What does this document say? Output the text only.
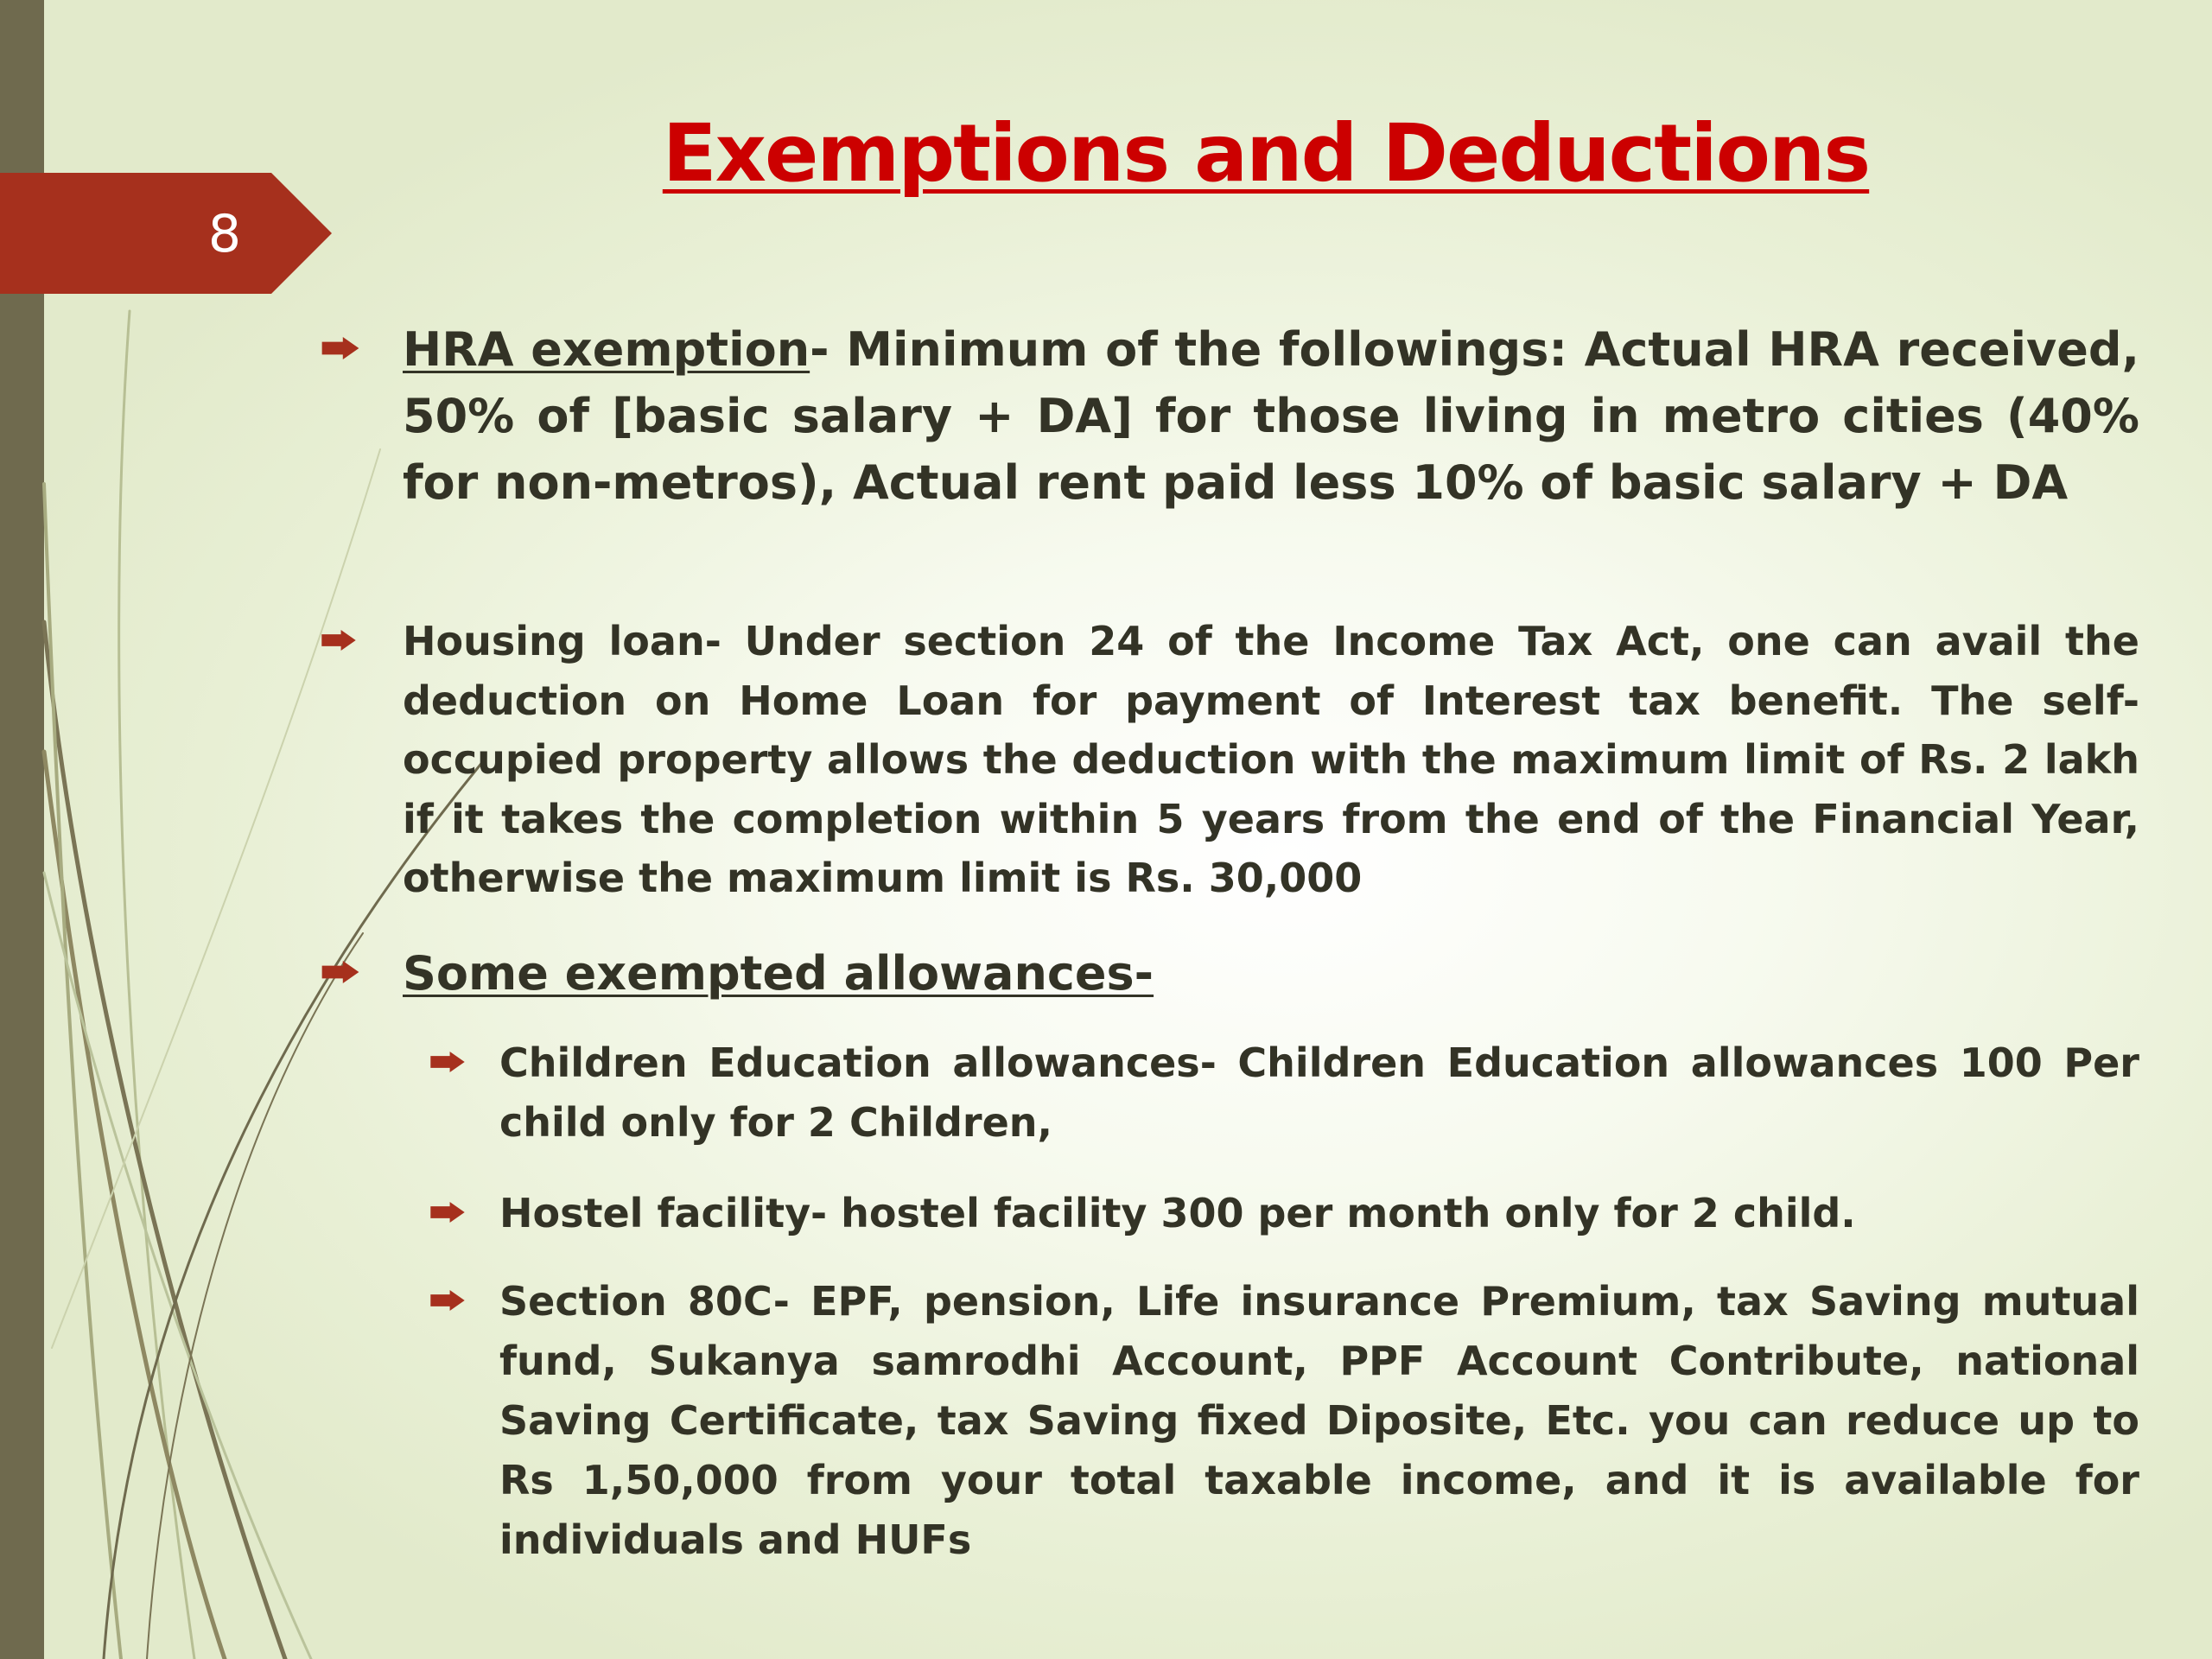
8
Exemptions and Deductions

HRA exemption- Minimum of the followings: Actual HRA received, 50% of [basic salary + DA] for those living in metro cities (40% for non-metros), Actual rent paid less 10% of basic salary + DA

Housing loan- Under section 24 of the Income Tax Act, one can avail the deduction on Home Loan for payment of Interest tax benefit. The self-occupied property allows the deduction with the maximum limit of Rs. 2 lakh if it takes the completion within 5 years from the end of the Financial Year, otherwise the maximum limit is Rs. 30,000

Some exempted allowances-

Children Education allowances- Children Education allowances 100 Per child only for 2 Children,

Hostel facility- hostel facility 300 per month only for 2 child.

Section 80C- EPF, pension, Life insurance Premium, tax Saving mutual fund, Sukanya samrodhi Account, PPF Account Contribute, national Saving Certificate, tax Saving fixed Diposite, Etc. you can reduce up to Rs 1,50,000 from your total taxable income, and it is available for individuals and HUFs
